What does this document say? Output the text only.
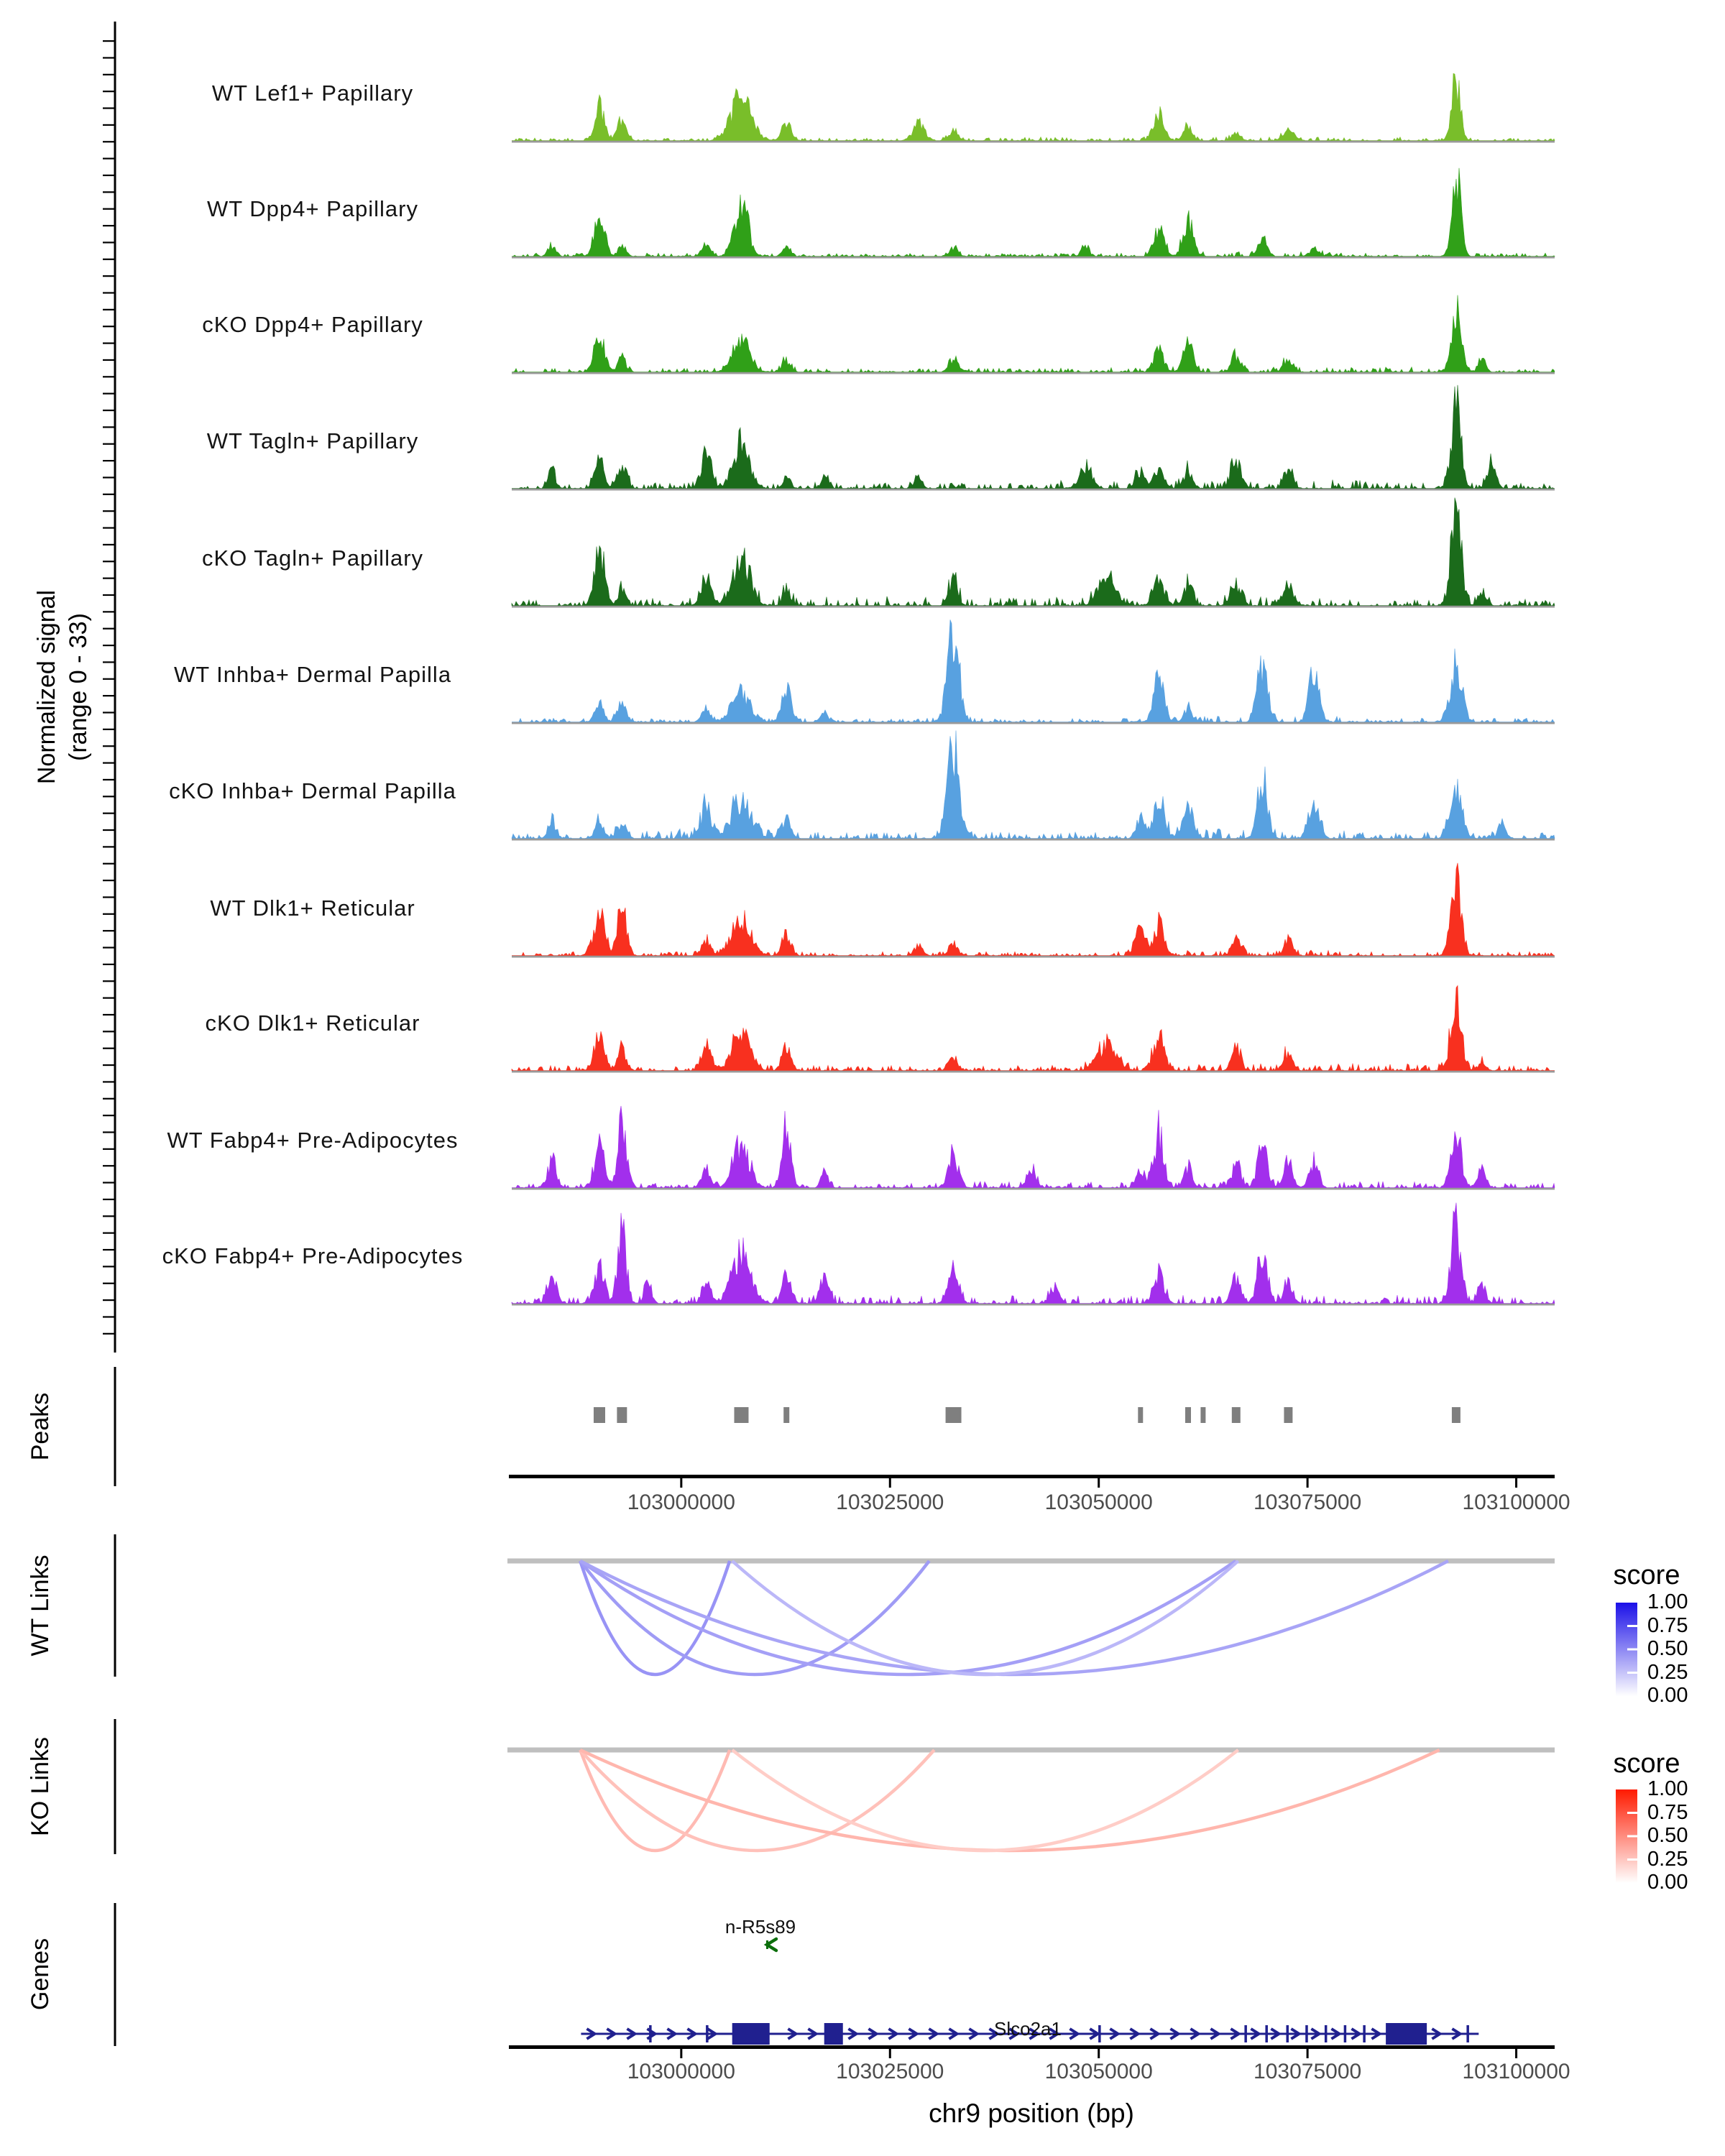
Normalized signal (range 0 - 33)
Peaks
WT Links
KO Links
Genes
WT Lef1+ Papillary
WT Dpp4+ Papillary
cKO Dpp4+ Papillary
WT Tagln+ Papillary
cKO Tagln+ Papillary
WT Inhba+ Dermal Papilla
cKO Inhba+ Dermal Papilla
WT Dlk1+ Reticular
cKO Dlk1+ Reticular
WT Fabp4+ Pre-Adipocytes
cKO Fabp4+ Pre-Adipocytes
103000000	103025000	103050000	103075000	103100000
103000000	103025000	103050000	103075000	103100000
score
1.00
0.75
0.50
0.25
0.00
score
1.00
0.75
0.50
0.25
0.00
n-R5s89
Slco2a1
chr9 position (bp)
